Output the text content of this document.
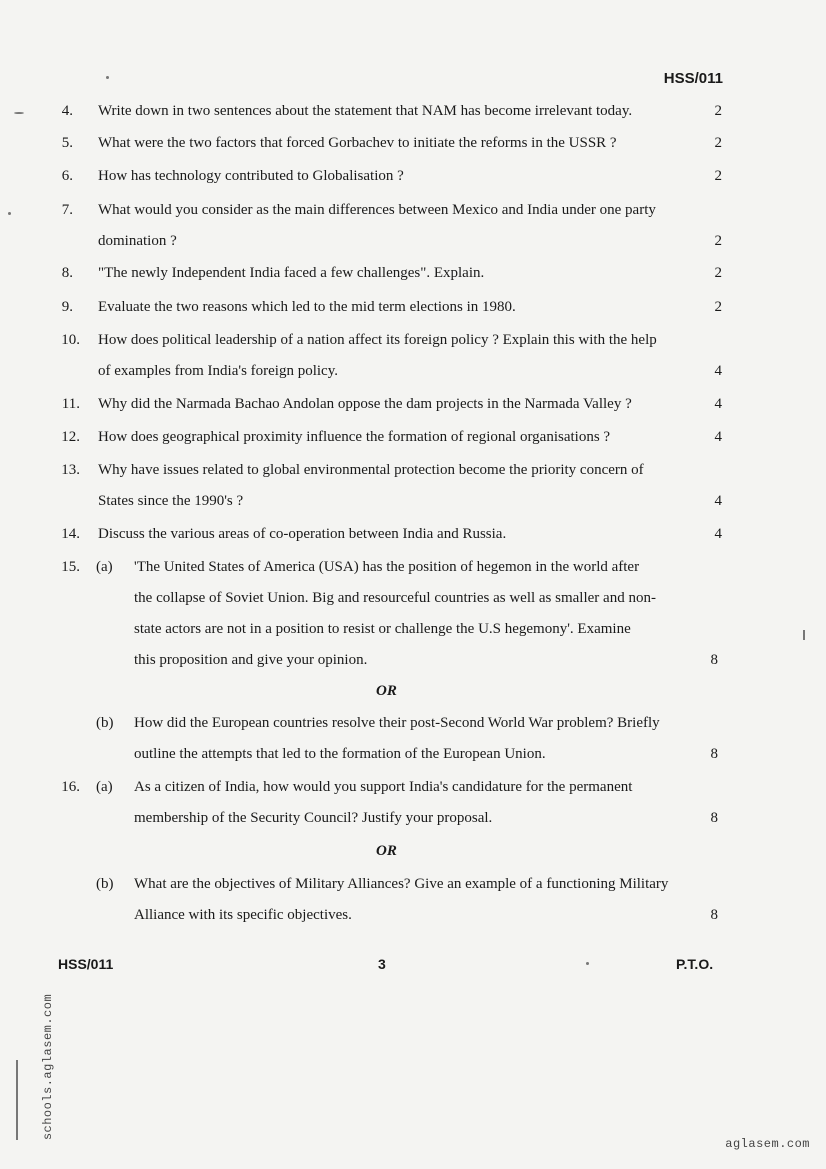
HSS/011
4. Write down in two sentences about the statement that NAM has become irrelevant today.	2
5. What were the two factors that forced Gorbachev to initiate the reforms in the USSR ?	2
6. How has technology contributed to Globalisation ?	2
7. What would you consider as the main differences between Mexico and India under one party
domination ?	2
8. "The newly Independent India faced a few challenges". Explain.	2
9. Evaluate the two reasons which led to the mid term elections in 1980.	2
10. How does political leadership of a nation affect its foreign policy ? Explain this with the help
of examples from India's foreign policy.	4
11. Why did the Narmada Bachao Andolan oppose the dam projects in the Narmada Valley ?	4
12. How does geographical proximity influence the formation of regional organisations ?	4
13. Why have issues related to global environmental protection become the priority concern of
States since the 1990's ?	4
14. Discuss the various areas of co-operation between India and Russia.	4
15. (a) 'The United States of America (USA) has the position of hegemon in the world after
the collapse of Soviet Union. Big and resourceful countries as well as smaller and non-
state actors are not in a position to resist or challenge the U.S hegemony'. Examine
this proposition and give your opinion.	8
OR
(b) How did the European countries resolve their post-Second World War problem? Briefly
outline the attempts that led to the formation of the European Union.	8
16. (a) As a citizen of India, how would you support India's candidature for the permanent
membership of the Security Council? Justify your proposal.	8
OR
(b) What are the objectives of Military Alliances? Give an example of a functioning Military
Alliance with its specific objectives.	8
HSS/011	3	P.T.O.
schools.aglasem.com
aglasem.com
